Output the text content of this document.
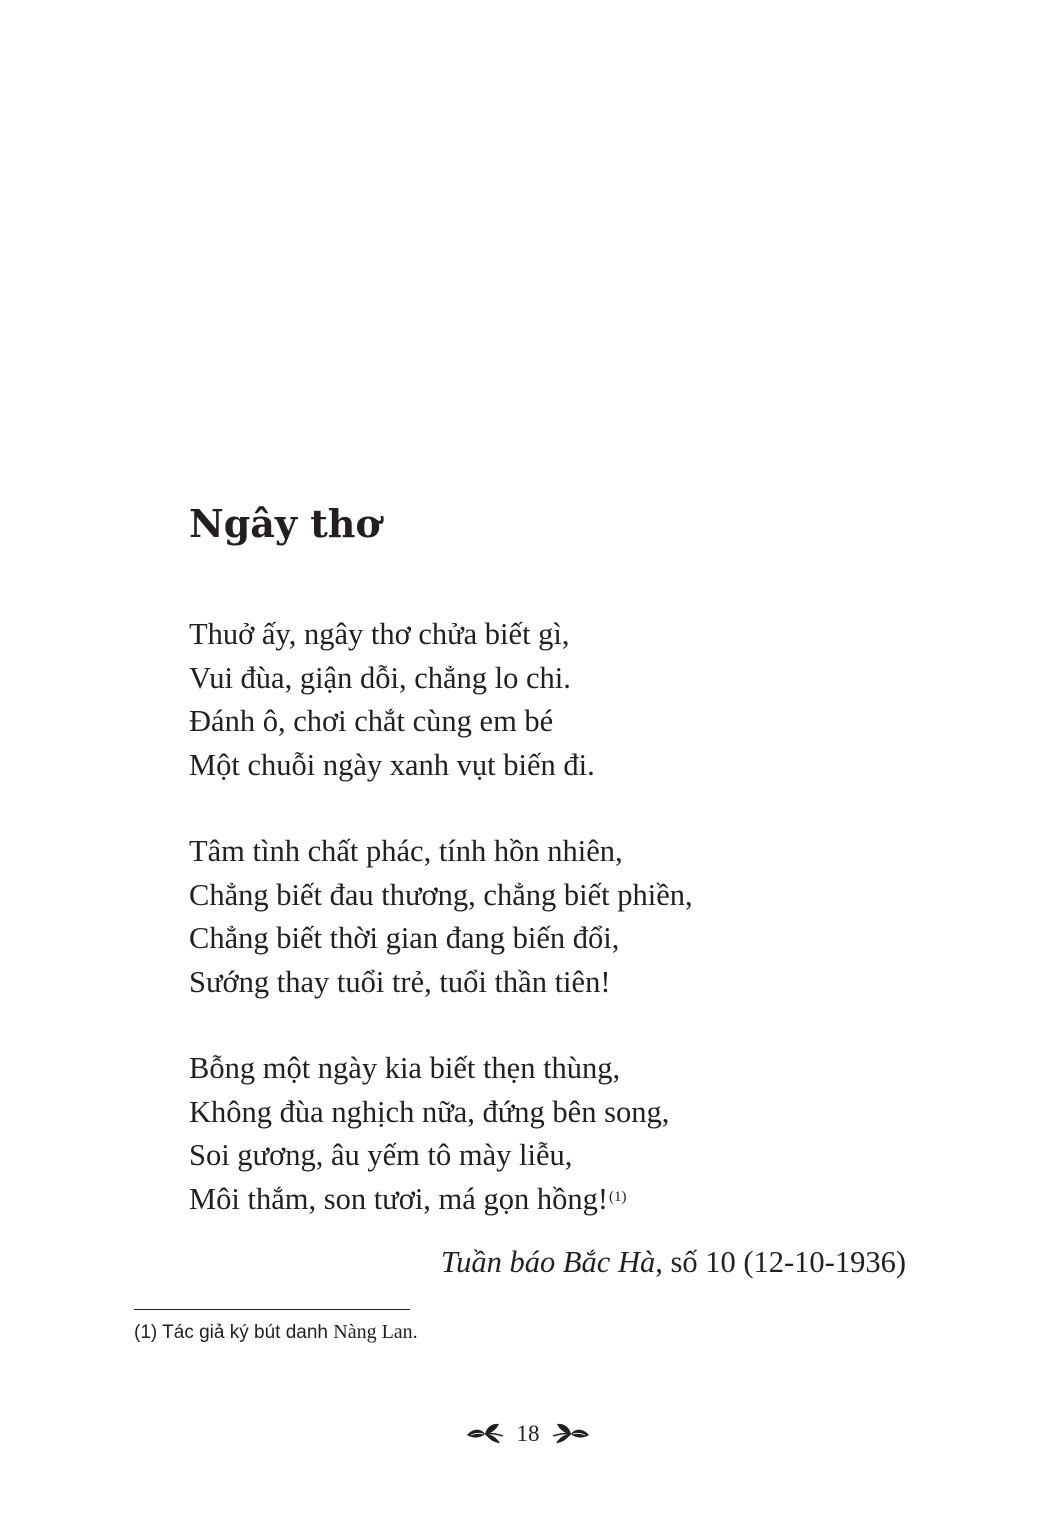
Ngây thơ
Thuở ấy, ngây thơ chửa biết gì,
Vui đùa, giận dỗi, chẳng lo chi.
Đánh ô, chơi chắt cùng em bé
Một chuỗi ngày xanh vụt biến đi.
Tâm tình chất phác, tính hồn nhiên,
Chẳng biết đau thương, chẳng biết phiền,
Chẳng biết thời gian đang biến đổi,
Sướng thay tuổi trẻ, tuổi thần tiên!
Bỗng một ngày kia biết thẹn thùng,
Không đùa nghịch nữa, đứng bên song,
Soi gương, âu yếm tô mày liễu,
Môi thắm, son tươi, má gọn hồng!$^{(1)}$
Tuần báo Bắc Hà, số 10 (12-10-1936)
(1) Tác giả ký bút danh Nàng Lan.
18
